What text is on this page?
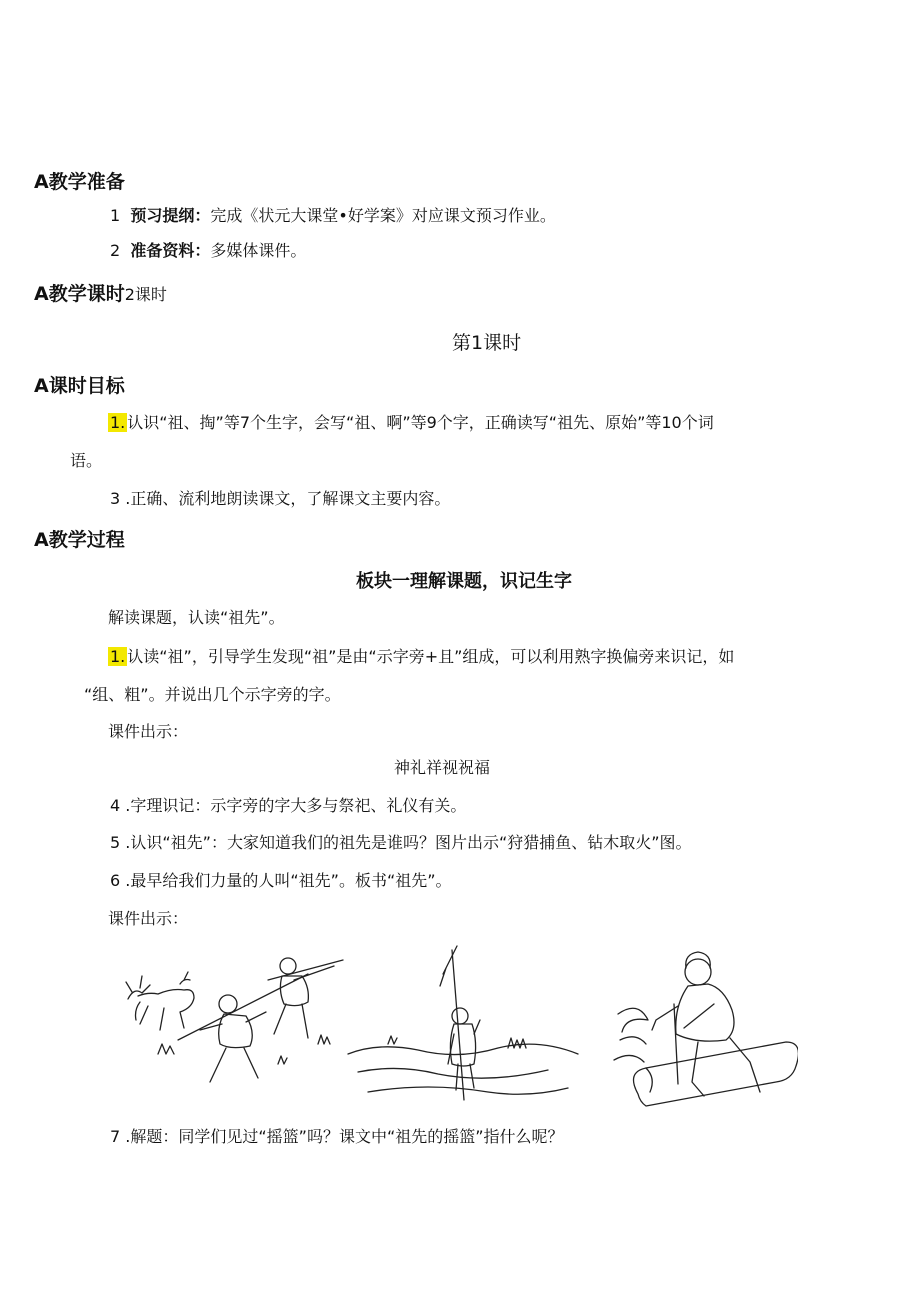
A教学准备
1 预习提纲：完成《状元大课堂•好学案》对应课文预习作业。
2 准备资料：多媒体课件。
A教学课时2课时
第1课时
A课时目标
1. 认识“祖、掏”等7个生字，会写“祖、啊”等9个字，正确读写“祖先、原始”等10个词
语。
3 .正确、流利地朗读课文，了解课文主要内容。
A教学过程
板块一理解课题，识记生字
解读课题，认读“祖先”。
1. 认读“祖”，引导学生发现“祖”是由“示字旁+且”组成，可以利用熟字换偏旁来识记，如
“组、粗”。并说出几个示字旁的字。
课件出示：
神礼祥视祝福
4 .字理识记：示字旁的字大多与祭祀、礼仪有关。
5 .认识“祖先”：大家知道我们的祖先是谁吗？图片出示“狩猎捕鱼、钻木取火”图。
6 .最早给我们力量的人叫“祖先”。板书“祖先”。
课件出示：
7 .解题：同学们见过“摇篮”吗？课文中“祖先的摇篮”指什么呢？
